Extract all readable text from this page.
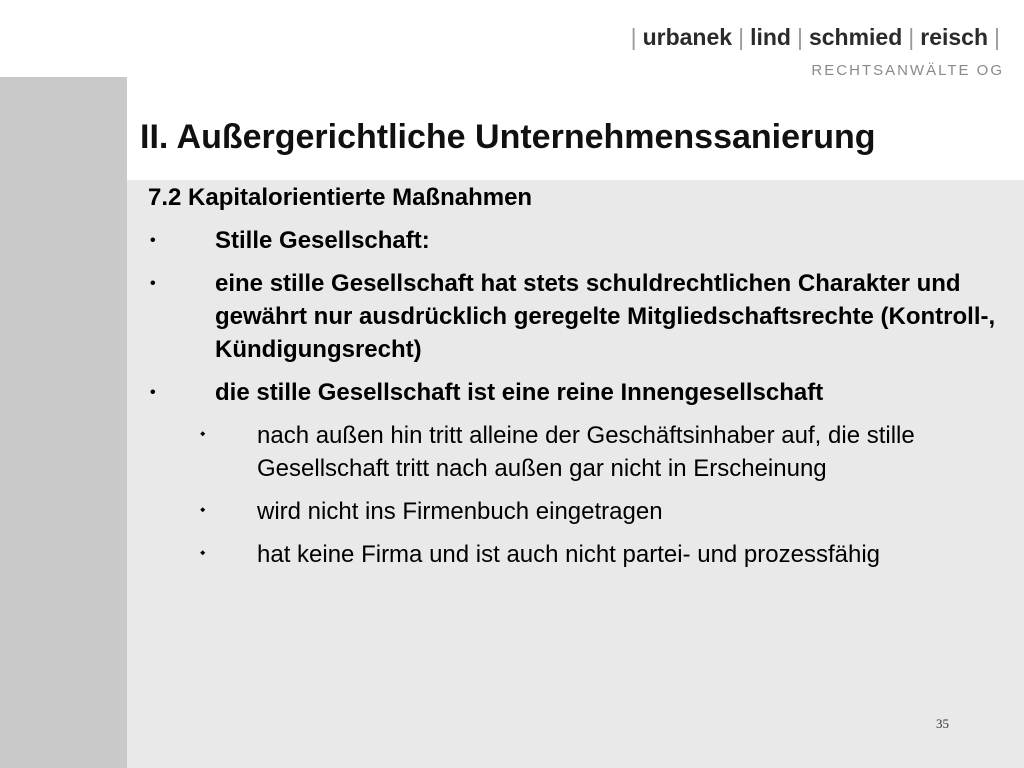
| urbanek | lind | schmied | reisch |
RECHTSANWÄLTE OG
II. Außergerichtliche Unternehmenssanierung
7.2 Kapitalorientierte Maßnahmen
•	Stille Gesellschaft:
•	eine stille Gesellschaft hat stets schuldrechtlichen Charakter und gewährt nur ausdrücklich geregelte Mitgliedschaftsrechte (Kontroll-, Kündigungsrecht)
•	die stille Gesellschaft ist eine reine Innengesellschaft
⬩	nach außen hin tritt alleine der Geschäftsinhaber auf, die stille Gesellschaft tritt nach außen gar nicht in Erscheinung
⬩	wird nicht ins Firmenbuch eingetragen
⬩	hat keine Firma und ist auch nicht partei- und prozessfähig
35
